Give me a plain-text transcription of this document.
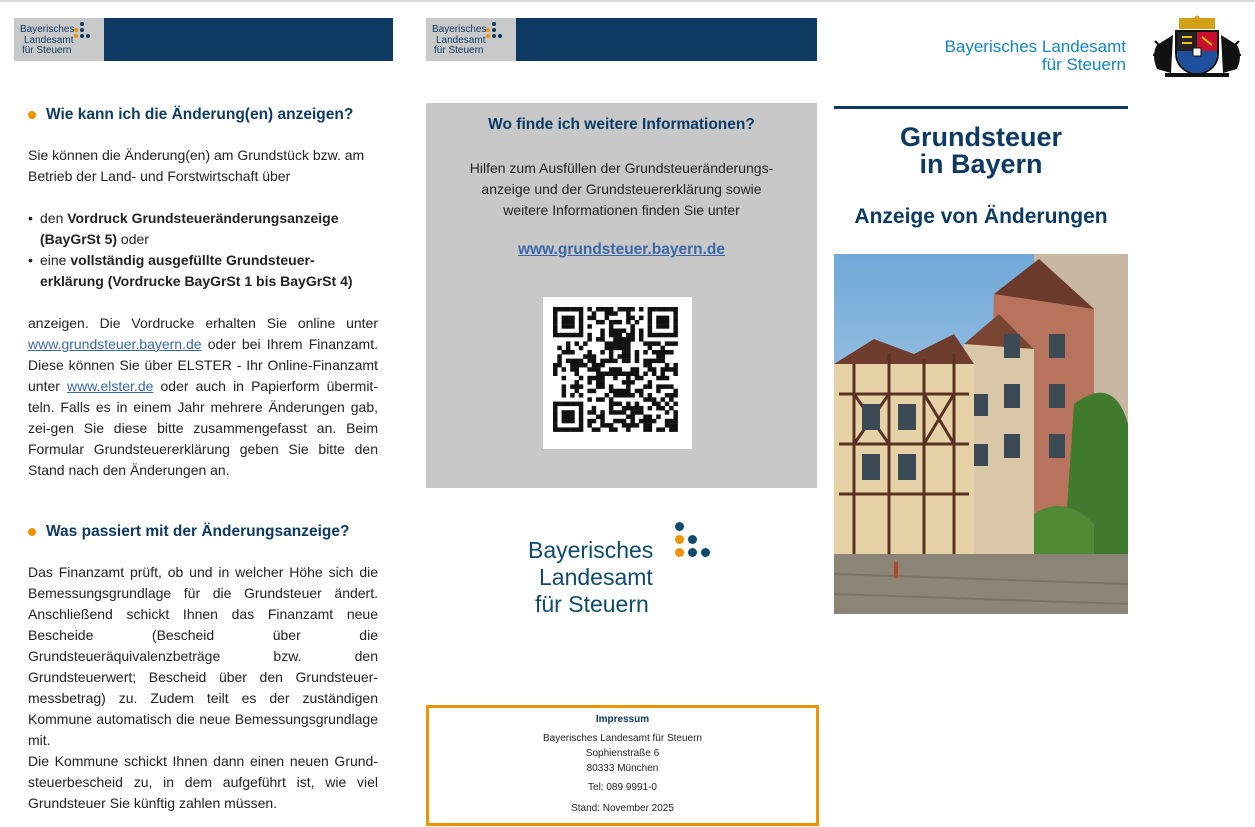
Bayerisches
Landesamt
für Steuern
Bayerisches
Landesamt
für Steuern
Wie kann ich die Änderung(en) anzeigen?

Sie können die Änderung(en) am Grundstück bzw. am Betrieb der Land- und Forstwirtschaft über

• den Vordruck Grundsteueränderungsanzeige (BayGrSt 5) oder
• eine vollständig ausgefüllte Grundsteuer-erklärung (Vordrucke BayGrSt 1 bis BayGrSt 4)

anzeigen. Die Vordrucke erhalten Sie online unter www.grundsteuer.bayern.de oder bei Ihrem Finanzamt. Diese können Sie über ELSTER - Ihr Online-Finanzamt unter www.elster.de oder auch in Papierform übermit-teln. Falls es in einem Jahr mehrere Änderungen gab, zei-gen Sie diese bitte zusammengefasst an. Beim Formular Grundsteuererklärung geben Sie bitte den Stand nach den Änderungen an.

Was passiert mit der Änderungsanzeige?

Das Finanzamt prüft, ob und in welcher Höhe sich die Bemessungsgrundlage für die Grundsteuer ändert. Anschließend schickt Ihnen das Finanzamt neue Bescheide (Bescheid über die Grundsteueräquivalenzbeträge bzw. den Grundsteuerwert; Bescheid über den Grundsteuer-messbetrag) zu. Zudem teilt es der zuständigen Kommune automatisch die neue Bemessungsgrundlage mit.

Die Kommune schickt Ihnen dann einen neuen Grund-steuerbescheid zu, in dem aufgeführt ist, wie viel Grundsteuer Sie künftig zahlen müssen.

Wo finde ich weitere Informationen?
Hilfen zum Ausfüllen der Grundsteueränderungs-
anzeige und der Grundsteuererklärung sowie
weitere Informationen finden Sie unter
www.grundsteuer.bayern.de
Bayerisches
Landesamt
für Steuern
Impressum
Bayerisches Landesamt für Steuern
Sophienstraße 6
80333 München
Tel: 089 9991-0
Stand: November 2025
Bayerisches Landesamt
für Steuern
Grundsteuer
in Bayern
Anzeige von Änderungen
